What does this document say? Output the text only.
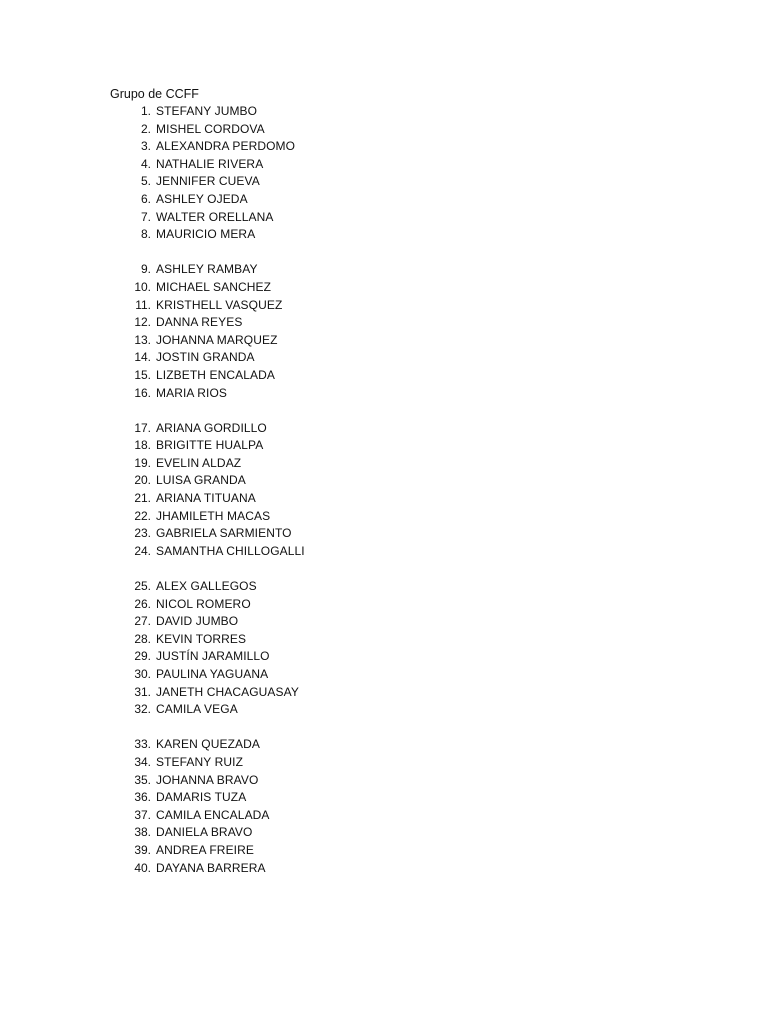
Grupo de CCFF
1. STEFANY JUMBO
2. MISHEL CORDOVA
3. ALEXANDRA PERDOMO
4. NATHALIE RIVERA
5. JENNIFER CUEVA
6. ASHLEY OJEDA
7. WALTER ORELLANA
8. MAURICIO MERA
9. ASHLEY RAMBAY
10. MICHAEL SANCHEZ
11. KRISTHELL VASQUEZ
12. DANNA REYES
13. JOHANNA MARQUEZ
14. JOSTIN GRANDA
15. LIZBETH ENCALADA
16. MARIA RIOS
17. ARIANA GORDILLO
18. BRIGITTE HUALPA
19. EVELIN ALDAZ
20. LUISA GRANDA
21. ARIANA TITUANA
22. JHAMILETH MACAS
23. GABRIELA SARMIENTO
24. SAMANTHA CHILLOGALLI
25. ALEX GALLEGOS
26. NICOL ROMERO
27. DAVID JUMBO
28. KEVIN TORRES
29. JUSTÍN JARAMILLO
30. PAULINA YAGUANA
31. JANETH CHACAGUASAY
32. CAMILA VEGA
33. KAREN QUEZADA
34. STEFANY RUIZ
35. JOHANNA BRAVO
36. DAMARIS TUZA
37. CAMILA ENCALADA
38. DANIELA BRAVO
39. ANDREA FREIRE
40. DAYANA BARRERA
